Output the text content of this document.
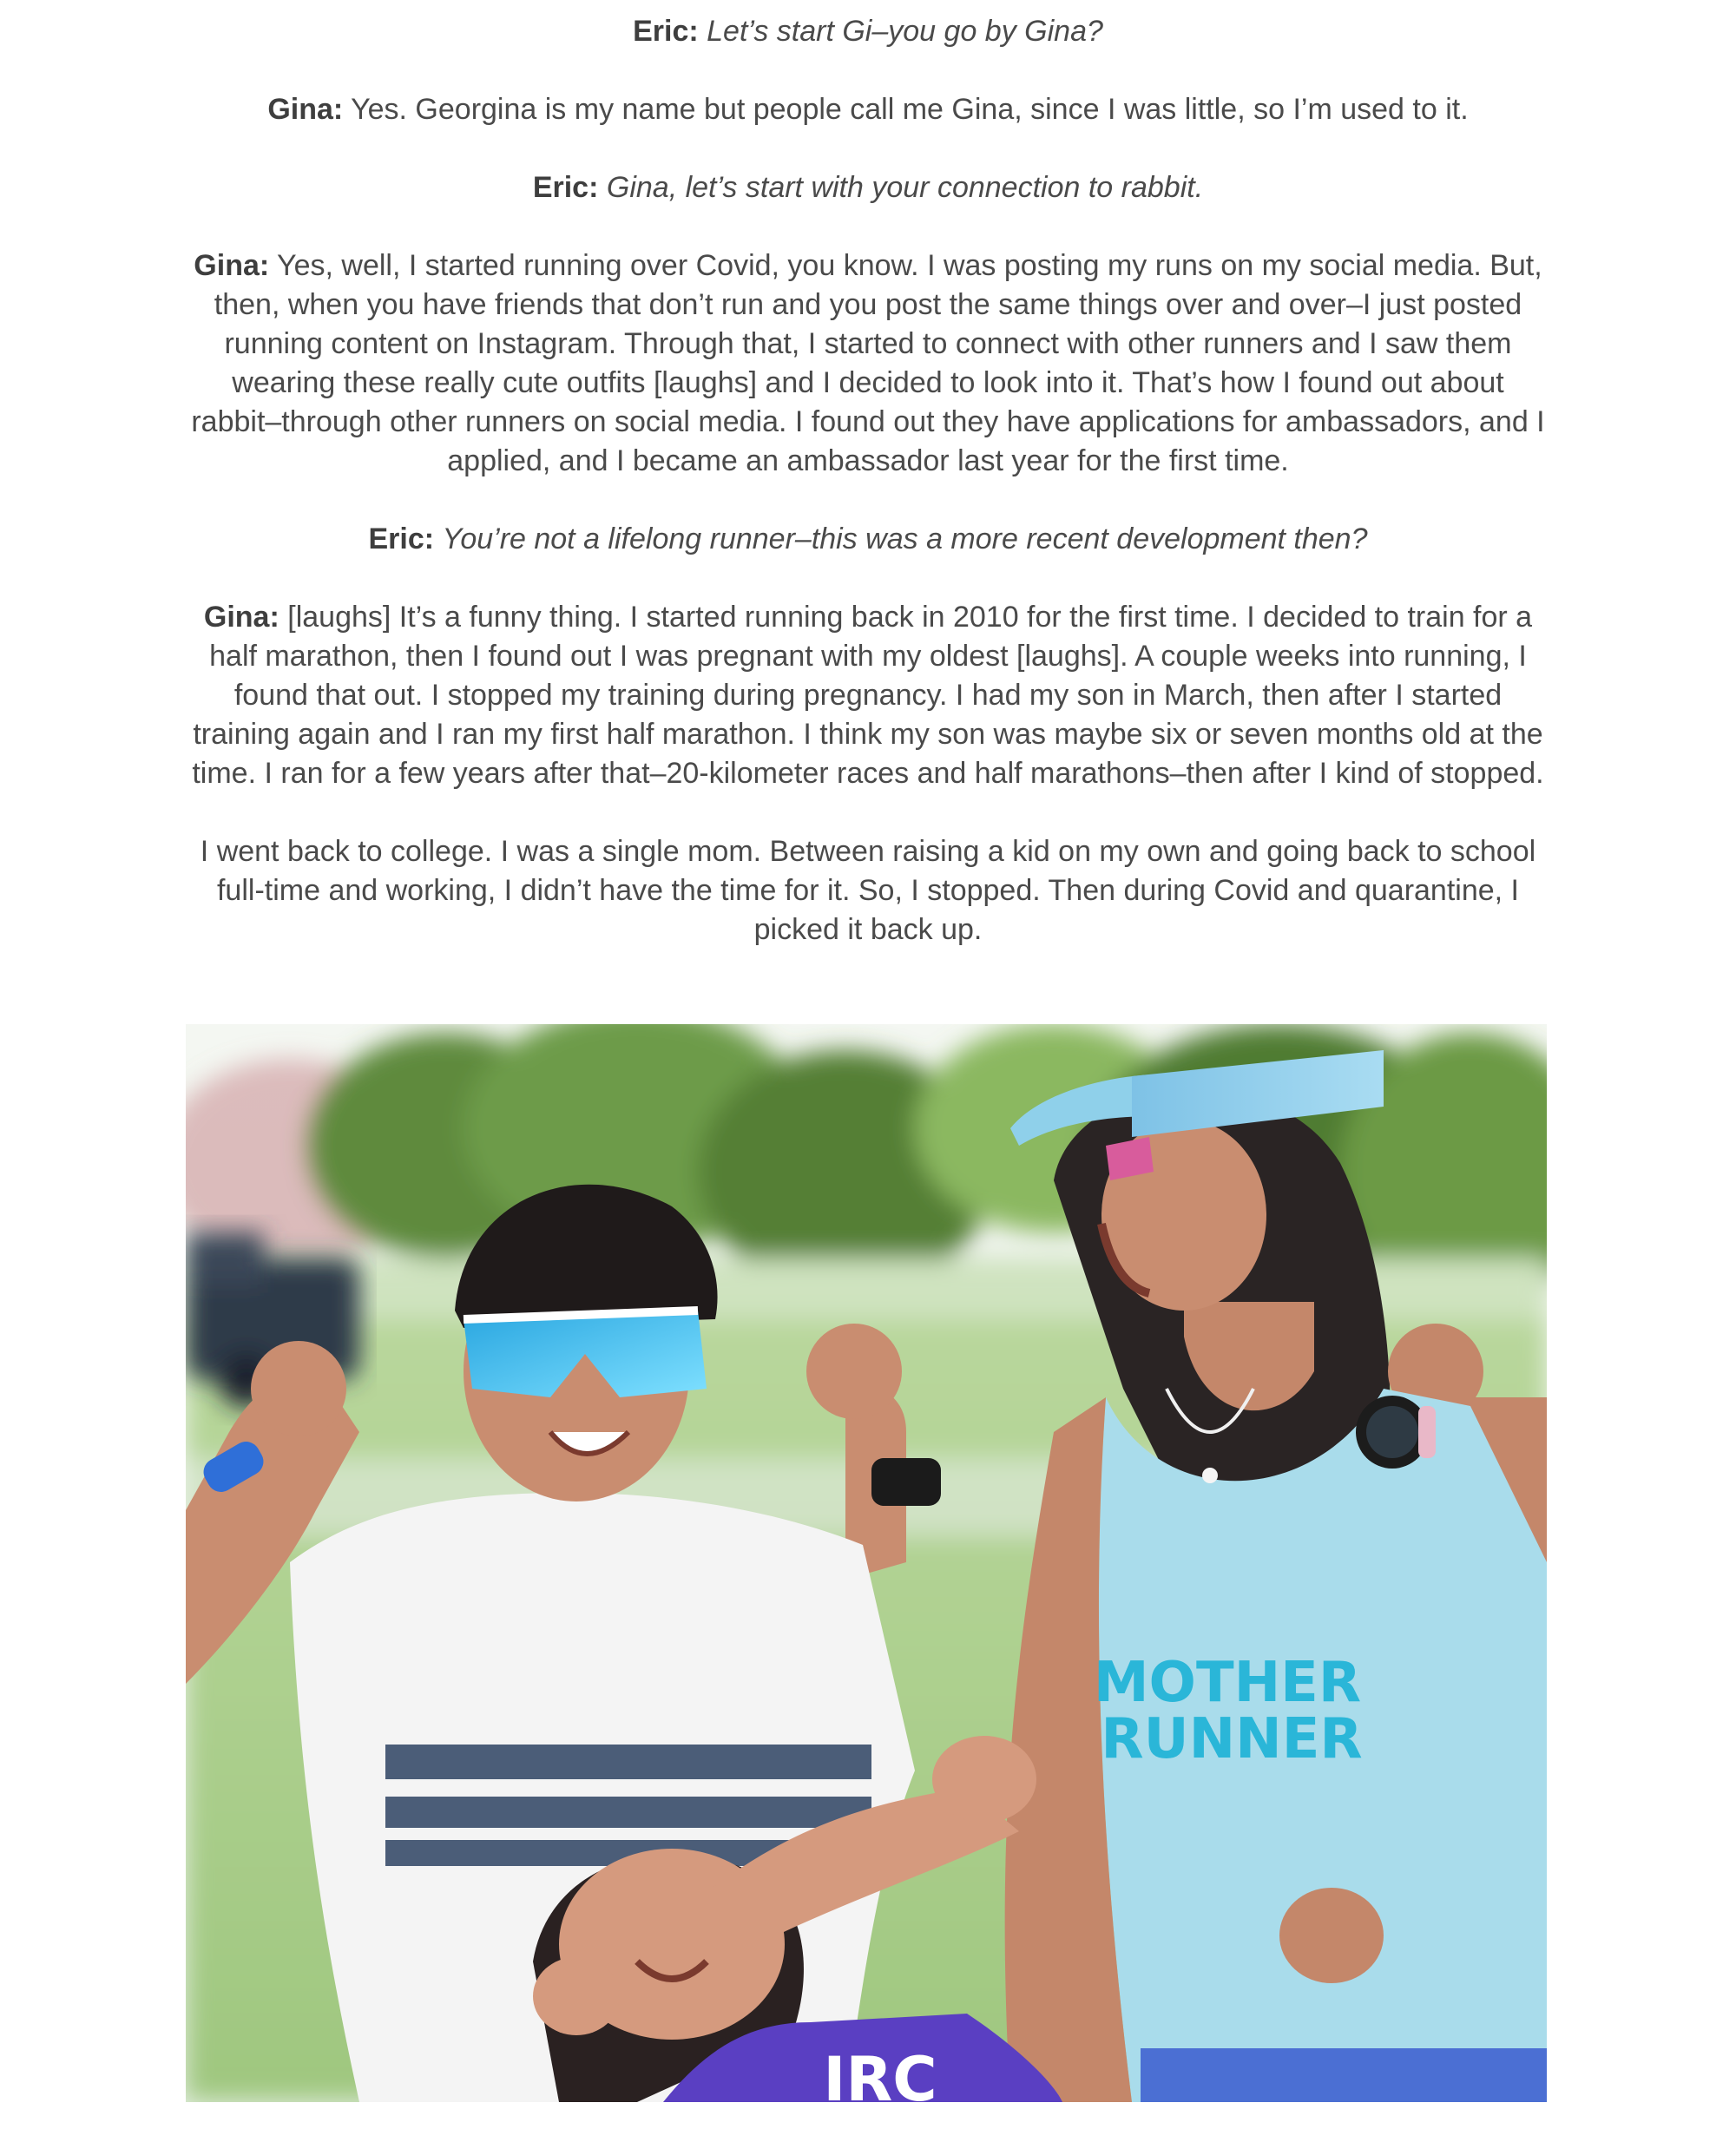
Eric: Let’s start Gi–you go by Gina?

Gina: Yes. Georgina is my name but people call me Gina, since I was little, so I’m used to it.

Eric: Gina, let’s start with your connection to rabbit.

Gina: Yes, well, I started running over Covid, you know. I was posting my runs on my social media. But, then, when you have friends that don’t run and you post the same things over and over–I just posted running content on Instagram. Through that, I started to connect with other runners and I saw them wearing these really cute outfits [laughs] and I decided to look into it. That’s how I found out about rabbit–through other runners on social media. I found out they have applications for ambassadors, and I applied, and I became an ambassador last year for the first time.

Eric: You’re not a lifelong runner–this was a more recent development then?

Gina: [laughs] It’s a funny thing. I started running back in 2010 for the first time. I decided to train for a half marathon, then I found out I was pregnant with my oldest [laughs]. A couple weeks into running, I found that out. I stopped my training during pregnancy. I had my son in March, then after I started training again and I ran my first half marathon. I think my son was maybe six or seven months old at the time. I ran for a few years after that–20-kilometer races and half marathons–then after I kind of stopped.

I went back to college. I was a single mom. Between raising a kid on my own and going back to school full-time and working, I didn’t have the time for it. So, I stopped. Then during Covid and quarantine, I picked it back up.

MOTHER
RUNNER
IRC
